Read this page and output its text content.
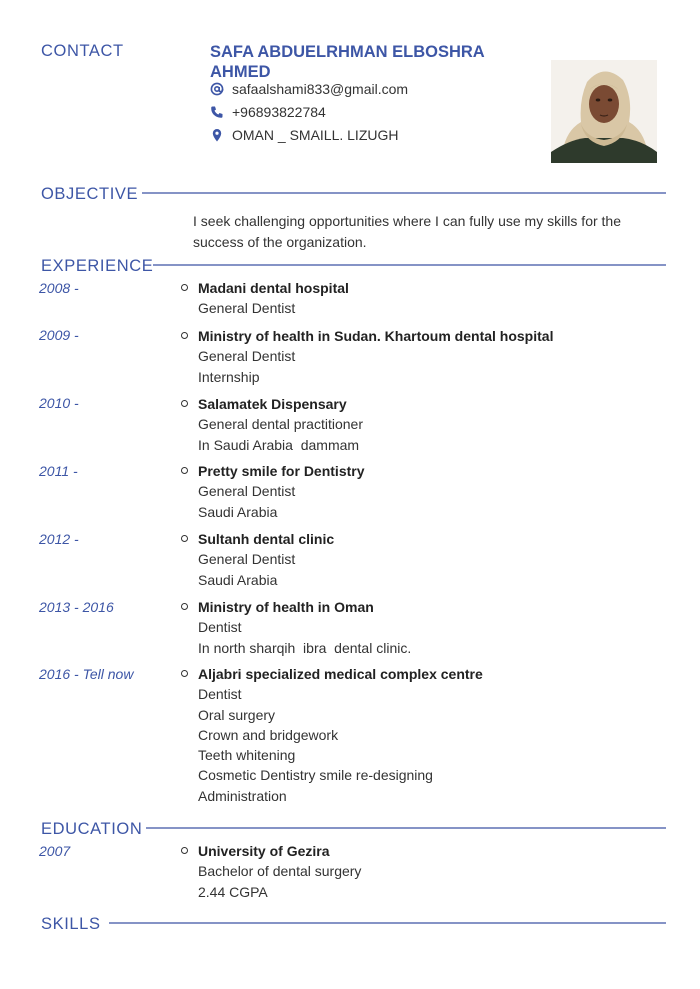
CONTACT	SAFA ABDUELRHMAN ELBOSHRA AHMED
safaalshami833@gmail.com
+96893822784
OMAN _ SMAILL. LIZUGH
OBJECTIVE
I seek challenging opportunities where I can fully use my skills for the success of the organization.
EXPERIENCE
2008 -	Madani dental hospital
General Dentist
2009 -	Ministry of health in Sudan. Khartoum dental hospital
General Dentist
Internship
2010 -	Salamatek Dispensary
General dental practitioner
In Saudi Arabia  dammam
2011 -	Pretty smile for Dentistry
General Dentist
Saudi Arabia
2012 -	Sultanh dental clinic
General Dentist
Saudi Arabia
2013 - 2016	Ministry of health in Oman
Dentist
In north sharqih  ibra  dental clinic.
2016 - Tell now	Aljabri specialized medical complex centre
Dentist
Oral surgery
Crown and bridgework
Teeth whitening
Cosmetic Dentistry smile re-designing
Administration
EDUCATION
2007	University of Gezira
Bachelor of dental surgery
2.44 CGPA
SKILLS
